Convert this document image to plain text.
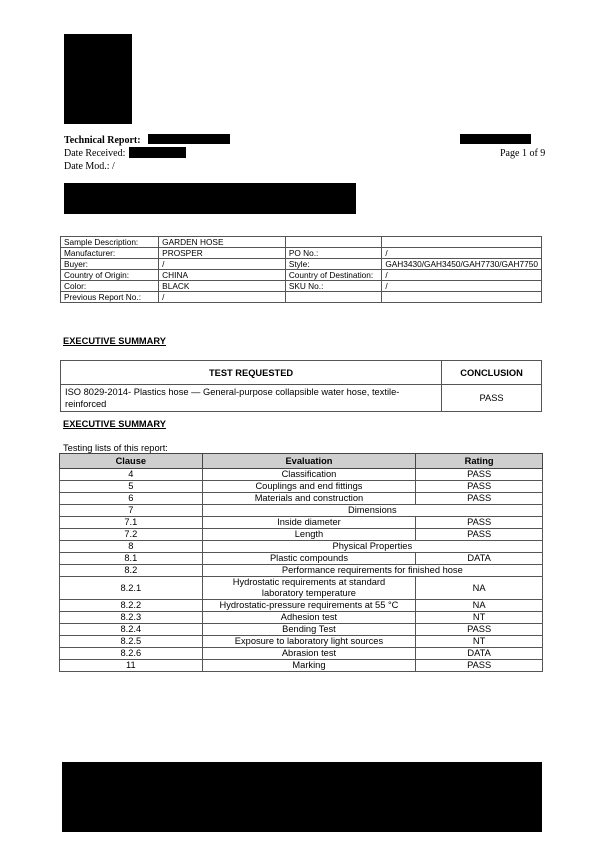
Technical Report:
Date Received:	Page 1 of 9
Date Mod.: /
Sample Description:	GARDEN HOSE		
Manufacturer:	PROSPER	PO No.:	/
Buyer:	/	Style:	GAH3430/GAH3450/GAH7730/GAH7750
Country of Origin:	CHINA	Country of Destination:	/
Color:	BLACK	SKU No.:	/
Previous Report No.:	/		
EXECUTIVE SUMMARY
TEST REQUESTED	CONCLUSION
ISO 8029-2014- Plastics hose — General-purpose collapsible water hose, textile-reinforced	PASS
EXECUTIVE SUMMARY
Testing lists of this report:
Clause	Evaluation	Rating
4	Classification	PASS
5	Couplings and end fittings	PASS
6	Materials and construction	PASS
7	Dimensions	
7.1	Inside diameter	PASS
7.2	Length	PASS
8	Physical Properties	
8.1	Plastic compounds	DATA
8.2	Performance requirements for finished hose	
8.2.1	Hydrostatic requirements at standard laboratory temperature	NA
8.2.2	Hydrostatic-pressure requirements at 55 °C	NA
8.2.3	Adhesion test	NT
8.2.4	Bending Test	PASS
8.2.5	Exposure to laboratory light sources	NT
8.2.6	Abrasion test	DATA
11	Marking	PASS
